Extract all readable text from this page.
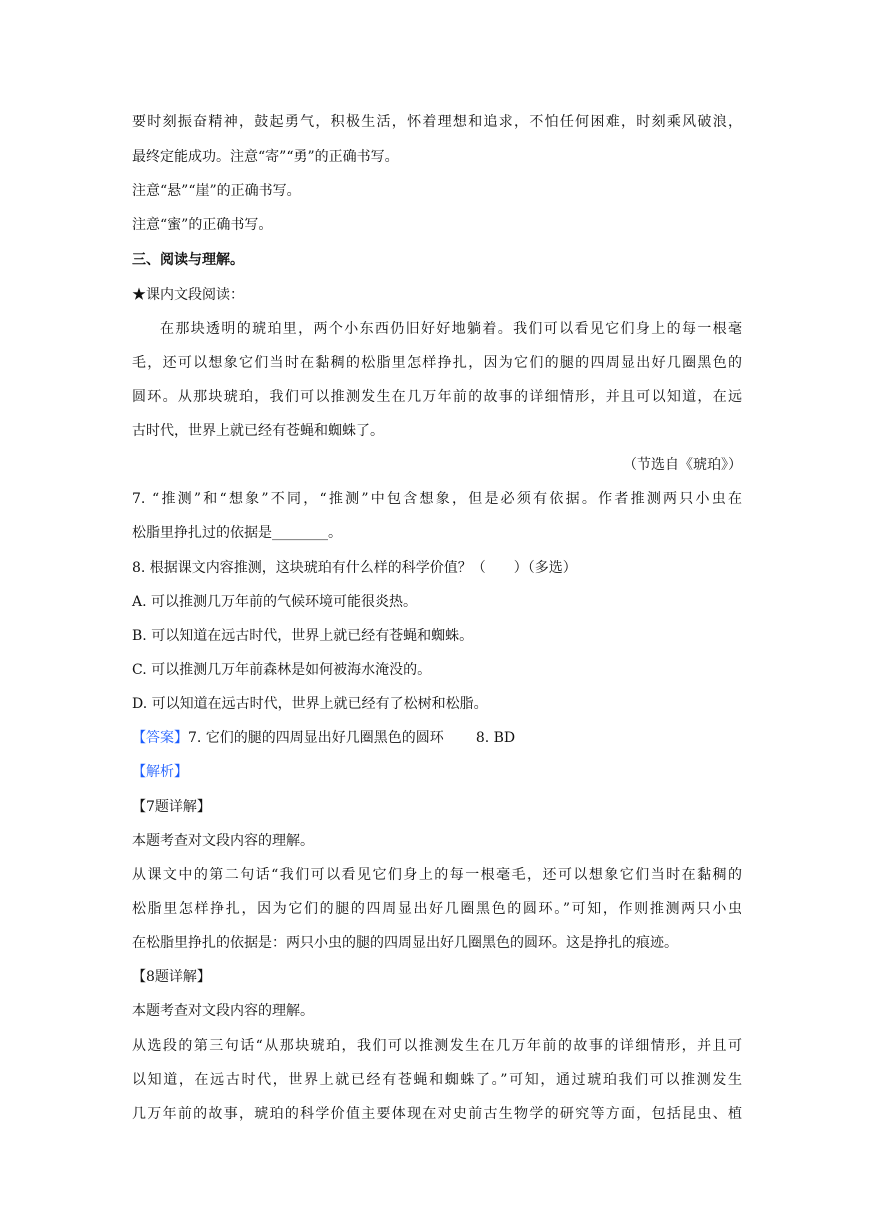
要时刻振奋精神，鼓起勇气，积极生活，怀着理想和追求，不怕任何困难，时刻乘风破浪，
最终定能成功。注意“寄”“勇”的正确书写。
注意“悬”“崖”的正确书写。
注意“蜜”的正确书写。
三、阅读与理解。
★课内文段阅读：
在那块透明的琥珀里，两个小东西仍旧好好地躺着。我们可以看见它们身上的每一根毫
毛，还可以想象它们当时在黏稠的松脂里怎样挣扎，因为它们的腿的四周显出好几圈黑色的
圆环。从那块琥珀，我们可以推测发生在几万年前的故事的详细情形，并且可以知道，在远
古时代，世界上就已经有苍蝇和蜘蛛了。
（节选自《琥珀》）
7. “推测”和“想象”不同，“推测”中包含想象，但是必须有依据。作者推测两只小虫在
松脂里挣扎过的依据是________。
8. 根据课文内容推测，这块琥珀有什么样的科学价值？（　　）（多选）
A. 可以推测几万年前的气候环境可能很炎热。
B. 可以知道在远古时代，世界上就已经有苍蝇和蜘蛛。
C. 可以推测几万年前森林是如何被海水淹没的。
D. 可以知道在远古时代，世界上就已经有了松树和松脂。
【答案】7. 它们的腿的四周显出好几圈黑色的圆环 8. BD
【解析】
【7题详解】
本题考查对文段内容的理解。
从课文中的第二句话“我们可以看见它们身上的每一根毫毛，还可以想象它们当时在黏稠的
松脂里怎样挣扎，因为它们的腿的四周显出好几圈黑色的圆环。”可知，作则推测两只小虫
在松脂里挣扎的依据是：两只小虫的腿的四周显出好几圈黑色的圆环。这是挣扎的痕迹。
【8题详解】
本题考查对文段内容的理解。
从选段的第三句话“从那块琥珀，我们可以推测发生在几万年前的故事的详细情形，并且可
以知道，在远古时代，世界上就已经有苍蝇和蜘蛛了。”可知，通过琥珀我们可以推测发生
几万年前的故事，琥珀的科学价值主要体现在对史前古生物学的研究等方面，包括昆虫、植
